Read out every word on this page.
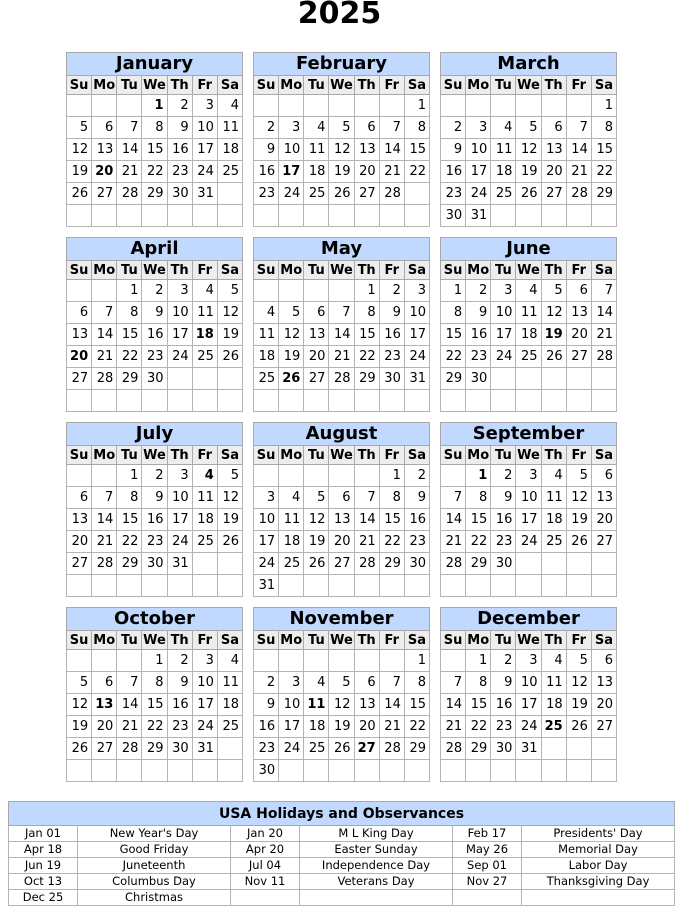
2025
January						
Su	Mo	Tu	We	Th	Fr	Sa
			1	2	3	4
5	6	7	8	9	10	11
12	13	14	15	16	17	18
19	20	21	22	23	24	25
26	27	28	29	30	31	

February						
Su	Mo	Tu	We	Th	Fr	Sa
						1
2	3	4	5	6	7	8
9	10	11	12	13	14	15
16	17	18	19	20	21	22
23	24	25	26	27	28	

March						
Su	Mo	Tu	We	Th	Fr	Sa
						1
2	3	4	5	6	7	8
9	10	11	12	13	14	15
16	17	18	19	20	21	22
23	24	25	26	27	28	29
30	31					
April						
Su	Mo	Tu	We	Th	Fr	Sa
		1	2	3	4	5
6	7	8	9	10	11	12
13	14	15	16	17	18	19
20	21	22	23	24	25	26
27	28	29	30			

May						
Su	Mo	Tu	We	Th	Fr	Sa
				1	2	3
4	5	6	7	8	9	10
11	12	13	14	15	16	17
18	19	20	21	22	23	24
25	26	27	28	29	30	31

June						
Su	Mo	Tu	We	Th	Fr	Sa
1	2	3	4	5	6	7
8	9	10	11	12	13	14
15	16	17	18	19	20	21
22	23	24	25	26	27	28
29	30					

July						
Su	Mo	Tu	We	Th	Fr	Sa
		1	2	3	4	5
6	7	8	9	10	11	12
13	14	15	16	17	18	19
20	21	22	23	24	25	26
27	28	29	30	31		

August						
Su	Mo	Tu	We	Th	Fr	Sa
					1	2
3	4	5	6	7	8	9
10	11	12	13	14	15	16
17	18	19	20	21	22	23
24	25	26	27	28	29	30
31						
September						
Su	Mo	Tu	We	Th	Fr	Sa
	1	2	3	4	5	6
7	8	9	10	11	12	13
14	15	16	17	18	19	20
21	22	23	24	25	26	27
28	29	30				

October						
Su	Mo	Tu	We	Th	Fr	Sa
			1	2	3	4
5	6	7	8	9	10	11
12	13	14	15	16	17	18
19	20	21	22	23	24	25
26	27	28	29	30	31	

November						
Su	Mo	Tu	We	Th	Fr	Sa
						1
2	3	4	5	6	7	8
9	10	11	12	13	14	15
16	17	18	19	20	21	22
23	24	25	26	27	28	29
30						
December						
Su	Mo	Tu	We	Th	Fr	Sa
	1	2	3	4	5	6
7	8	9	10	11	12	13
14	15	16	17	18	19	20
21	22	23	24	25	26	27
28	29	30	31			

USA Holidays and Observances					
Jan 01	New Year's Day	Jan 20	M L King Day	Feb 17	Presidents' Day
Apr 18	Good Friday	Apr 20	Easter Sunday	May 26	Memorial Day
Jun 19	Juneteenth	Jul 04	Independence Day	Sep 01	Labor Day
Oct 13	Columbus Day	Nov 11	Veterans Day	Nov 27	Thanksgiving Day
Dec 25	Christmas				
